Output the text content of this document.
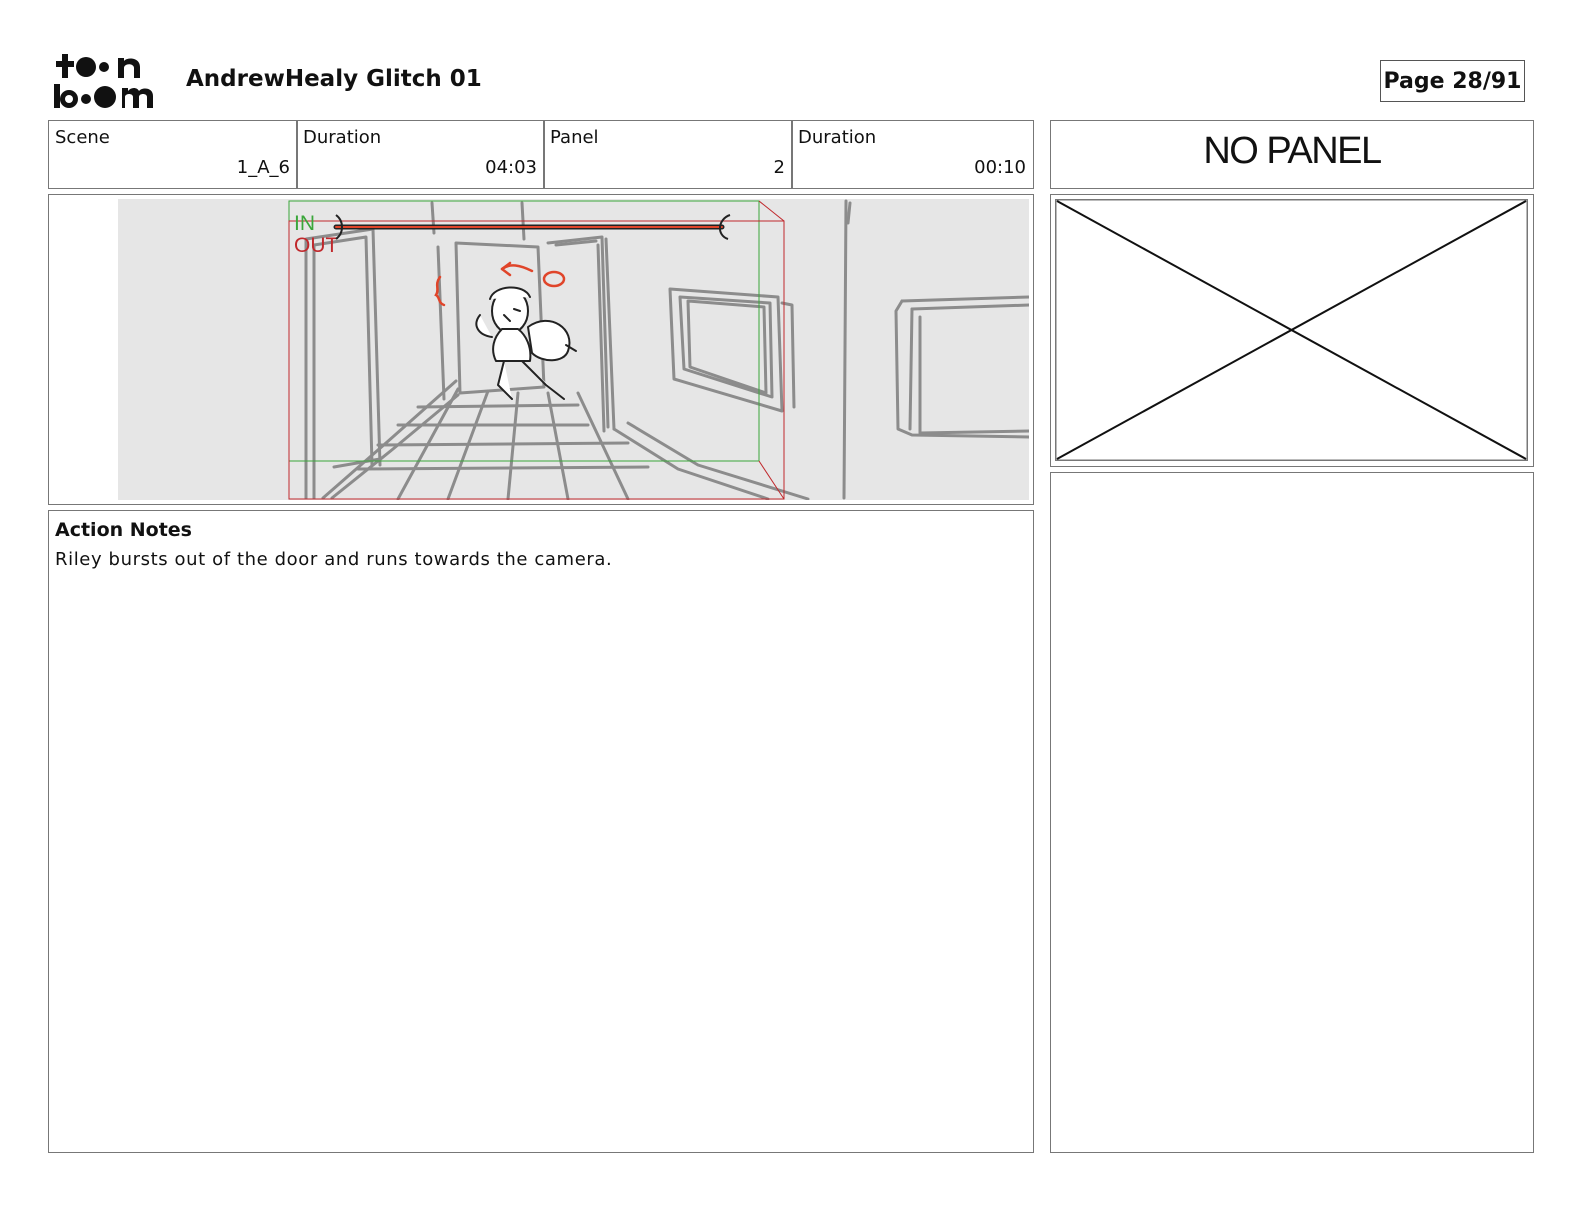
AndrewHealy Glitch 01	Page 28/91
Scene
1_A_6
Duration
04:03
Panel
2
Duration
00:10	NO PANEL
IN
OUT
Action Notes
Riley bursts out of the door and runs towards the camera.
